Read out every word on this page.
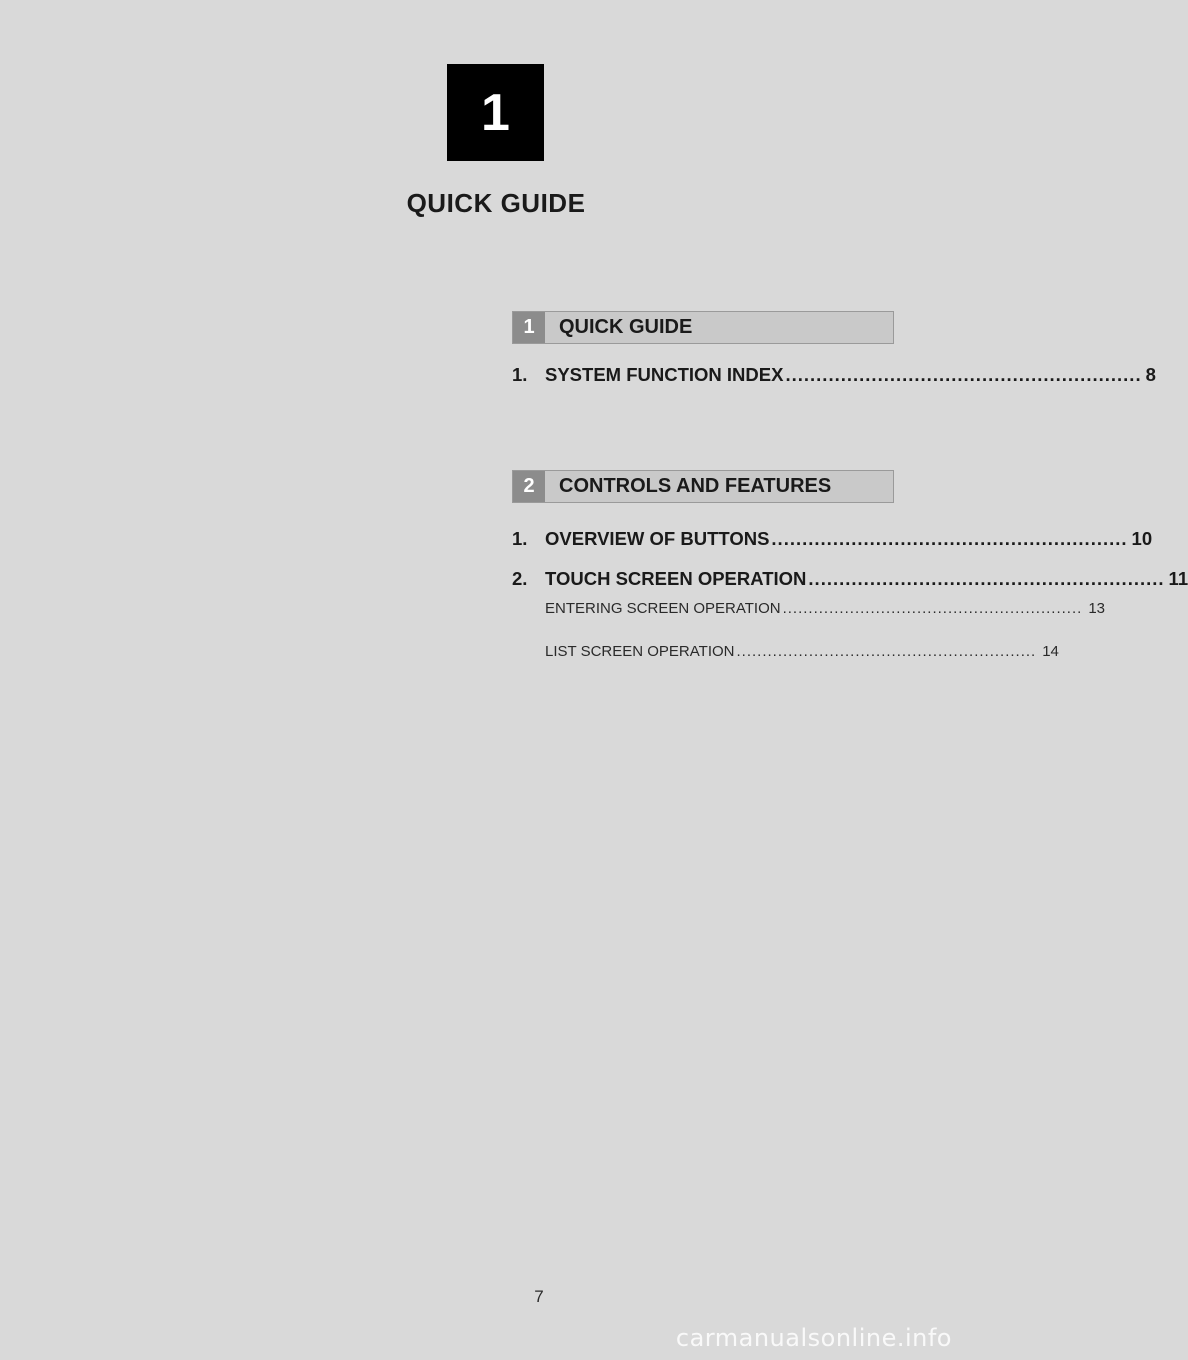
1
QUICK GUIDE
1	QUICK GUIDE
1. SYSTEM FUNCTION INDEX .......................................................... 8
2	CONTROLS AND FEATURES
1. OVERVIEW OF BUTTONS .......................................................... 10
2. TOUCH SCREEN OPERATION .......................................................... 11
ENTERING SCREEN OPERATION .......................................................... 13
LIST SCREEN OPERATION .......................................................... 14
7
carmanualsonline.info
